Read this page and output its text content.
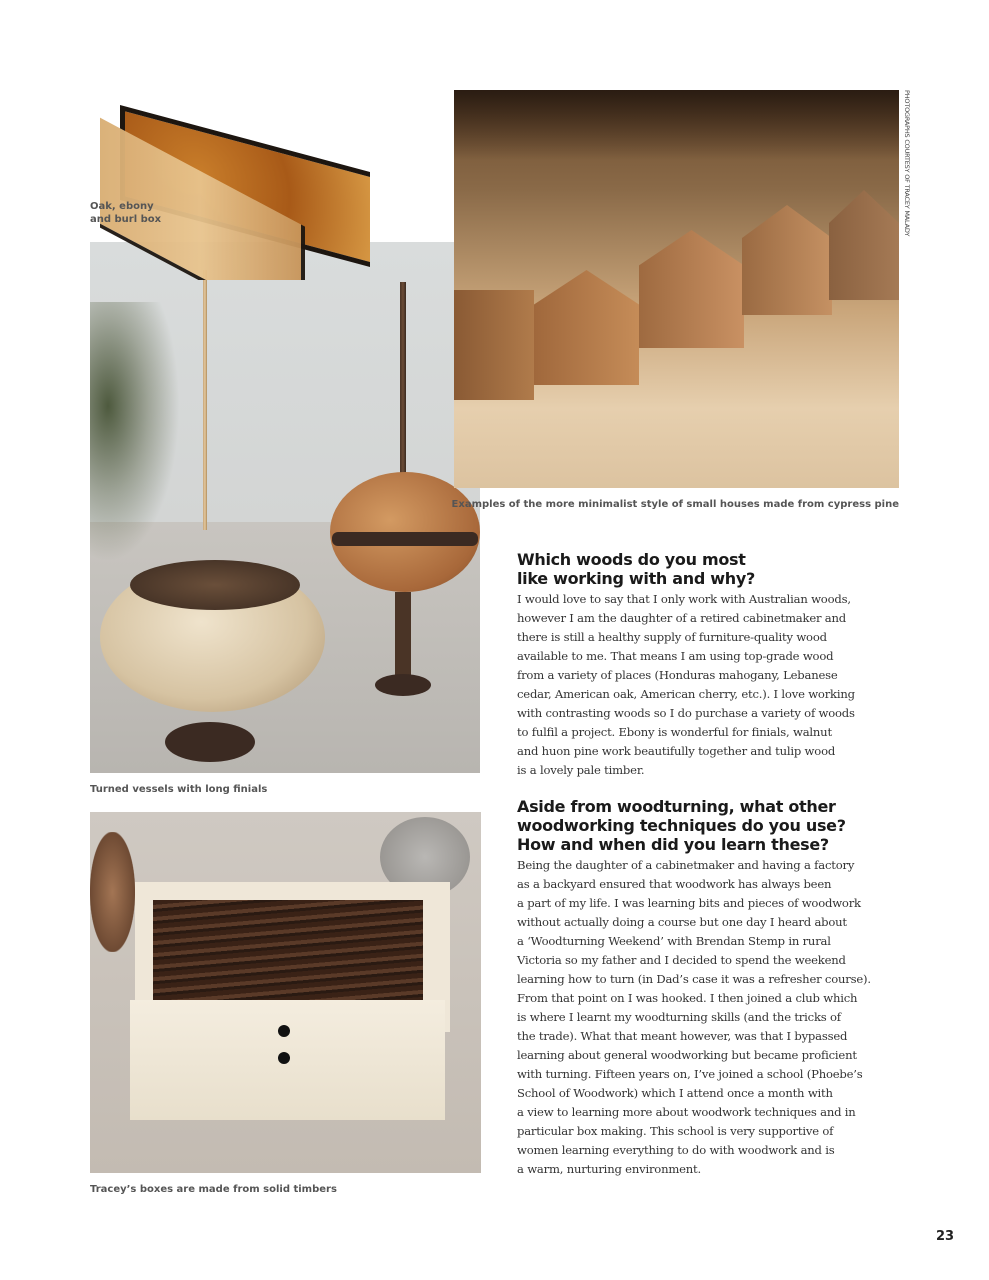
PHOTOGRAPHS COURTESY OF TRACEY MALADY
Oak, ebony
and burl box
Examples of the more minimalist style of small houses made from cypress pine
Turned vessels with long finials
Tracey’s boxes are made from solid timbers
Which woods do you most
like working with and why?
I would love to say that I only work with Australian woods,
however I am the daughter of a retired cabinetmaker and
there is still a healthy supply of furniture-quality wood
available to me. That means I am using top-grade wood
from a variety of places (Honduras mahogany, Lebanese
cedar, American oak, American cherry, etc.). I love working
with contrasting woods so I do purchase a variety of woods
to fulfil a project. Ebony is wonderful for finials, walnut
and huon pine work beautifully together and tulip wood
is a lovely pale timber.
Aside from woodturning, what other
woodworking techniques do you use?
How and when did you learn these?
Being the daughter of a cabinetmaker and having a factory
as a backyard ensured that woodwork has always been
a part of my life. I was learning bits and pieces of woodwork
without actually doing a course but one day I heard about
a ‘Woodturning Weekend’ with Brendan Stemp in rural
Victoria so my father and I decided to spend the weekend
learning how to turn (in Dad’s case it was a refresher course).
From that point on I was hooked. I then joined a club which
is where I learnt my woodturning skills (and the tricks of
the trade). What that meant however, was that I bypassed
learning about general woodworking but became proficient
with turning. Fifteen years on, I’ve joined a school (Phoebe’s
School of Woodwork) which I attend once a month with
a view to learning more about woodwork techniques and in
particular box making. This school is very supportive of
women learning everything to do with woodwork and is
a warm, nurturing environment.
23
